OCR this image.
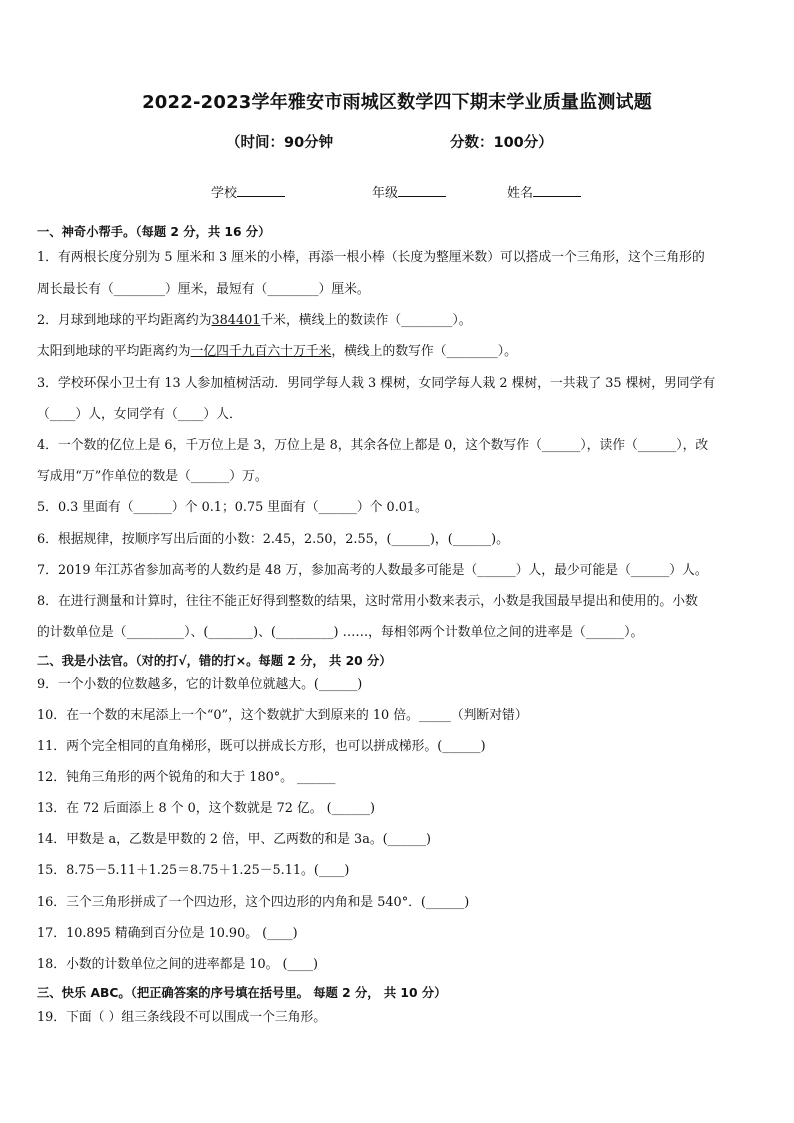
2022-2023学年雅安市雨城区数学四下期末学业质量监测试题
（时间：90分钟	分数：100分）
学校	年级	姓名
一、神奇小帮手。（每题 2 分，共 16 分）
1．有两根长度分别为 5 厘米和 3 厘米的小棒，再添一根小棒（长度为整厘米数）可以搭成一个三角形，这个三角形的
周长最长有（________）厘米，最短有（________）厘米。
2．月球到地球的平均距离约为384401千米，横线上的数读作（________）。
太阳到地球的平均距离约为一亿四千九百六十万千米，横线上的数写作（________）。
3．学校环保小卫士有 13 人参加植树活动．男同学每人栽 3 棵树，女同学每人栽 2 棵树，一共栽了 35 棵树，男同学有
（____）人，女同学有（____）人．
4．一个数的亿位上是 6，千万位上是 3，万位上是 8，其余各位上都是 0，这个数写作（______），读作（______），改
写成用“万”作单位的数是（______）万。
5．0.3 里面有（______）个 0.1；0.75 里面有（______）个 0.01。
6．根据规律，按顺序写出后面的小数：2.45，2.50，2.55，(______)，(______)。
7．2019 年江苏省参加高考的人数约是 48 万，参加高考的人数最多可能是（______）人，最少可能是（______）人。
8．在进行测量和计算时，往往不能正好得到整数的结果，这时常用小数来表示，小数是我国最早提出和使用的。小数
的计数单位是（_________）、(_______)、(_________) ……，每相邻两个计数单位之间的进率是（______）。
二、我是小法官。（对的打√，错的打×。每题 2 分， 共 20 分）
9．一个小数的位数越多，它的计数单位就越大。(______)
10．在一个数的末尾添上一个“0”，这个数就扩大到原来的 10 倍。_____（判断对错）
11．两个完全相同的直角梯形，既可以拼成长方形，也可以拼成梯形。(______)
12．钝角三角形的两个锐角的和大于 180°。 ______
13．在 72 后面添上 8 个 0，这个数就是 72 亿。 (______)
14．甲数是 a，乙数是甲数的 2 倍，甲、乙两数的和是 3a。(______)
15．8.75－5.11＋1.25＝8.75＋1.25－5.11。(____)
16．三个三角形拼成了一个四边形，这个四边形的内角和是 540°．(______)
17．10.895 精确到百分位是 10.90。 (____)
18．小数的计数单位之间的进率都是 10。 (____)
三、快乐 ABC。（把正确答案的序号填在括号里。 每题 2 分， 共 10 分）
19．下面（ ）组三条线段不可以围成一个三角形。
